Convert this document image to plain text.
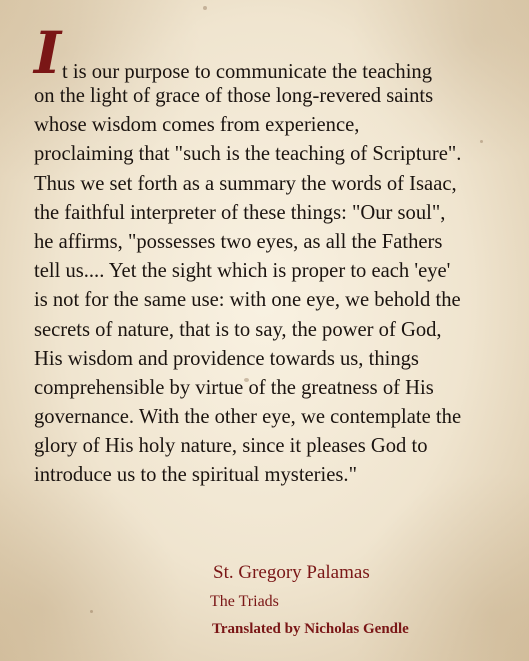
I t is our purpose to communicate the teaching
on the light of grace of those long-revered saints
whose wisdom comes from experience,
proclaiming that "such is the teaching of Scripture".
Thus we set forth as a summary the words of Isaac,
the faithful interpreter of these things: "Our soul",
he affirms, "possesses two eyes, as all the Fathers
tell us.... Yet the sight which is proper to each 'eye'
is not for the same use: with one eye, we behold the
secrets of nature, that is to say, the power of God,
His wisdom and providence towards us, things
comprehensible by virtue of the greatness of His
governance. With the other eye, we contemplate the
glory of His holy nature, since it pleases God to
introduce us to the spiritual mysteries."
St. Gregory Palamas
The Triads
Translated by Nicholas Gendle
